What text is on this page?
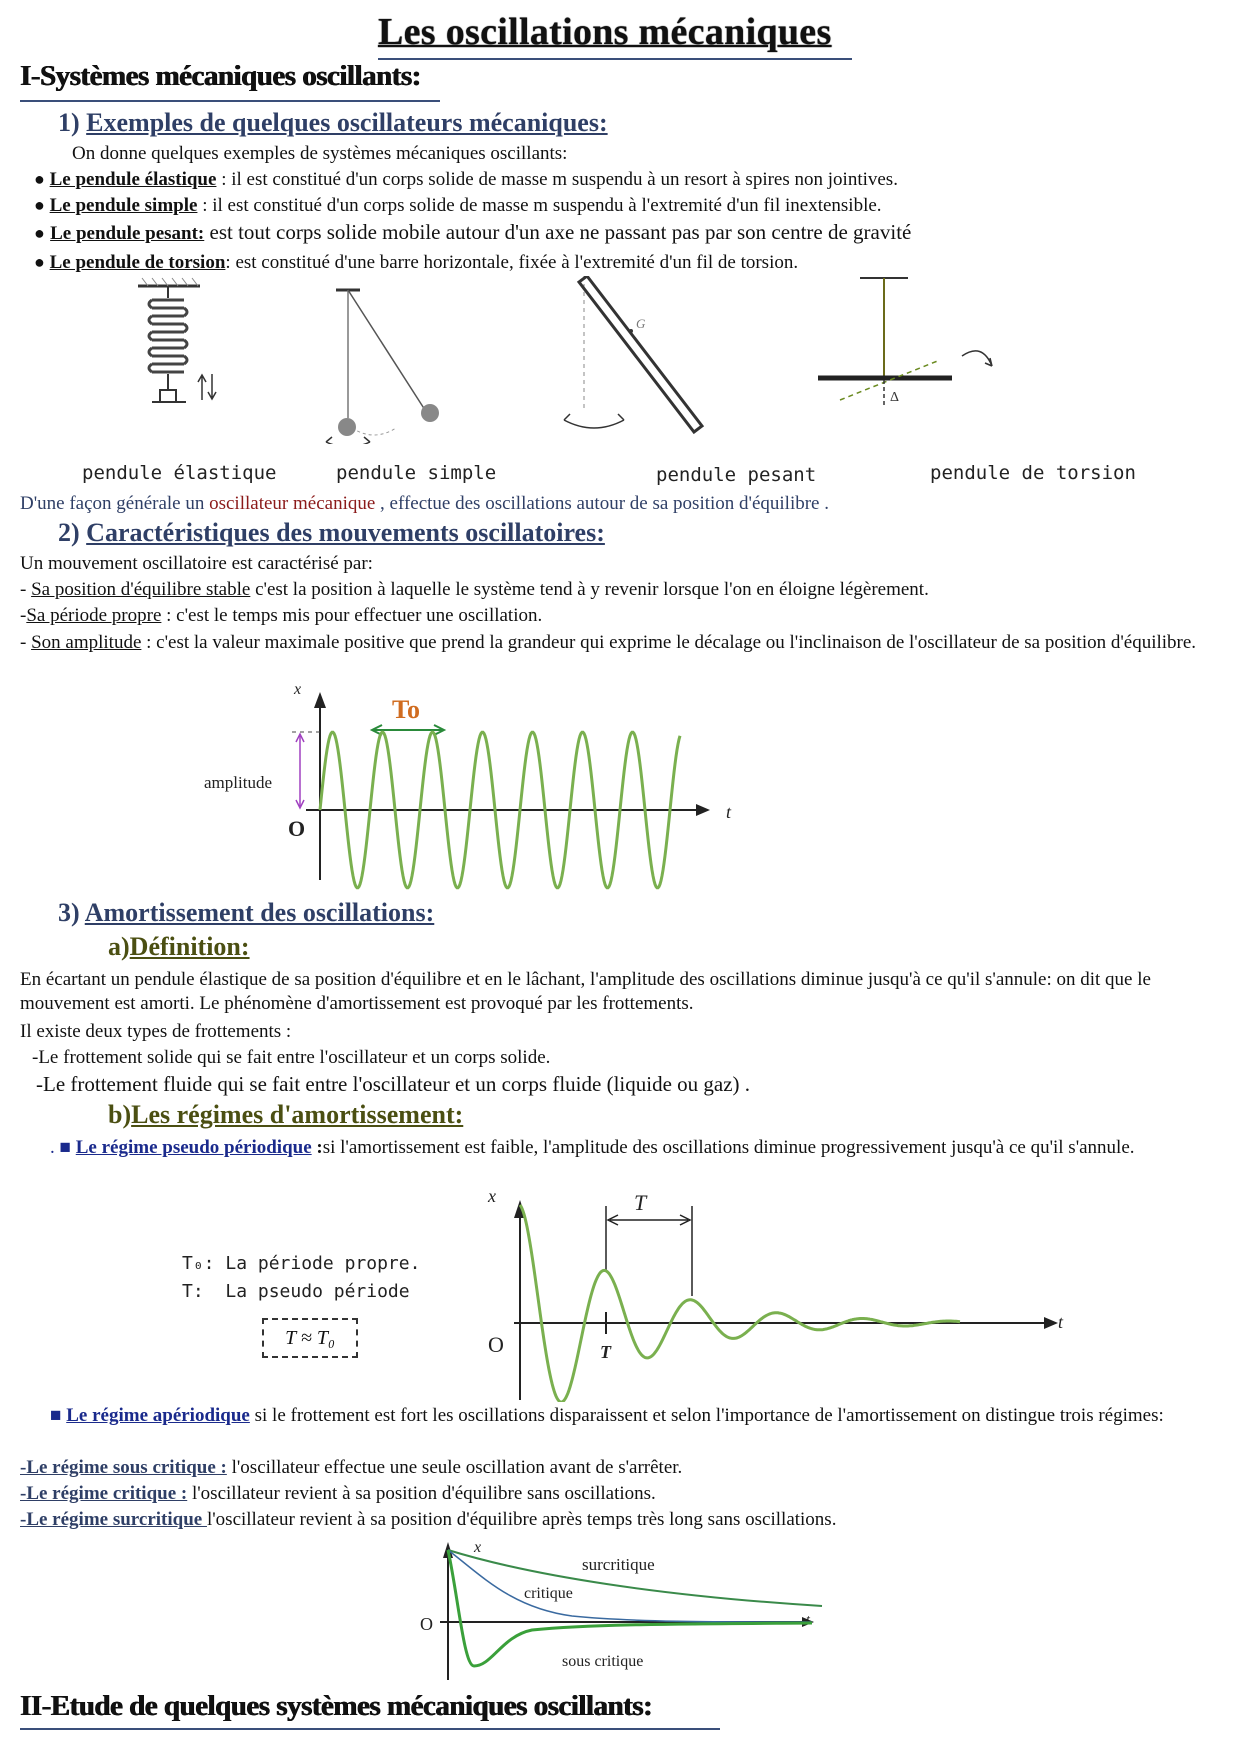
Les oscillations mécaniques
I-Systèmes mécaniques oscillants:
1) Exemples de quelques oscillateurs mécaniques:
On donne quelques exemples de systèmes mécaniques oscillants:
● Le pendule élastique : il est constitué d'un corps solide de masse m suspendu à un resort à spires non jointives.
● Le pendule simple : il est constitué d'un corps solide de masse m suspendu à l'extremité d'un fil inextensible.
● Le pendule pesant: est tout corps solide mobile autour d'un axe ne passant pas par son centre de gravité
● Le pendule de torsion: est constitué d'une barre horizontale, fixée à l'extremité d'un fil de torsion.
G
Δ
pendule élastique	pendule simple	pendule pesant	pendule de torsion
D'une façon générale un oscillateur mécanique , effectue des oscillations autour de sa position d'équilibre .
2) Caractéristiques des mouvements oscillatoires:
Un mouvement oscillatoire est caractérisé par:
- Sa position d'équilibre stable c'est la position à laquelle le système tend à y revenir lorsque l'on en éloigne légèrement.
-Sa période propre : c'est le temps mis pour effectuer une oscillation.
- Son amplitude : c'est la valeur maximale positive que prend la grandeur qui exprime le décalage ou l'inclinaison de l'oscillateur de sa position d'équilibre.
x
t
O
amplitude
To
3) Amortissement des oscillations:
a)Définition:
En écartant un pendule élastique de sa position d'équilibre et en le lâchant, l'amplitude des oscillations diminue jusqu'à ce qu'il s'annule: on dit que le mouvement est amorti. Le phénomène d'amortissement est provoqué par les frottements.
Il existe deux types de frottements :
-Le frottement solide qui se fait entre l'oscillateur et un corps solide.
-Le frottement fluide qui se fait entre l'oscillateur et un corps fluide (liquide ou gaz) .
b)Les régimes d'amortissement:
. ■ Le régime pseudo périodique :si l'amortissement est faible, l'amplitude des oscillations diminue progressivement jusqu'à ce qu'il s'annule.
T₀: La période propre.
T: La pseudo période
T ≈ T₀
x
t
O
T
T
■ Le régime apériodique si le frottement est fort les oscillations disparaissent et selon l'importance de l'amortissement on distingue trois régimes:
-Le régime sous critique : l'oscillateur effectue une seule oscillation avant de s'arrêter.
-Le régime critique : l'oscillateur revient à sa position d'équilibre sans oscillations.
-Le régime surcritique l'oscillateur revient à sa position d'équilibre après temps très long sans oscillations.
x
t
O
surcritique
critique
sous critique
II-Etude de quelques systèmes mécaniques oscillants:
